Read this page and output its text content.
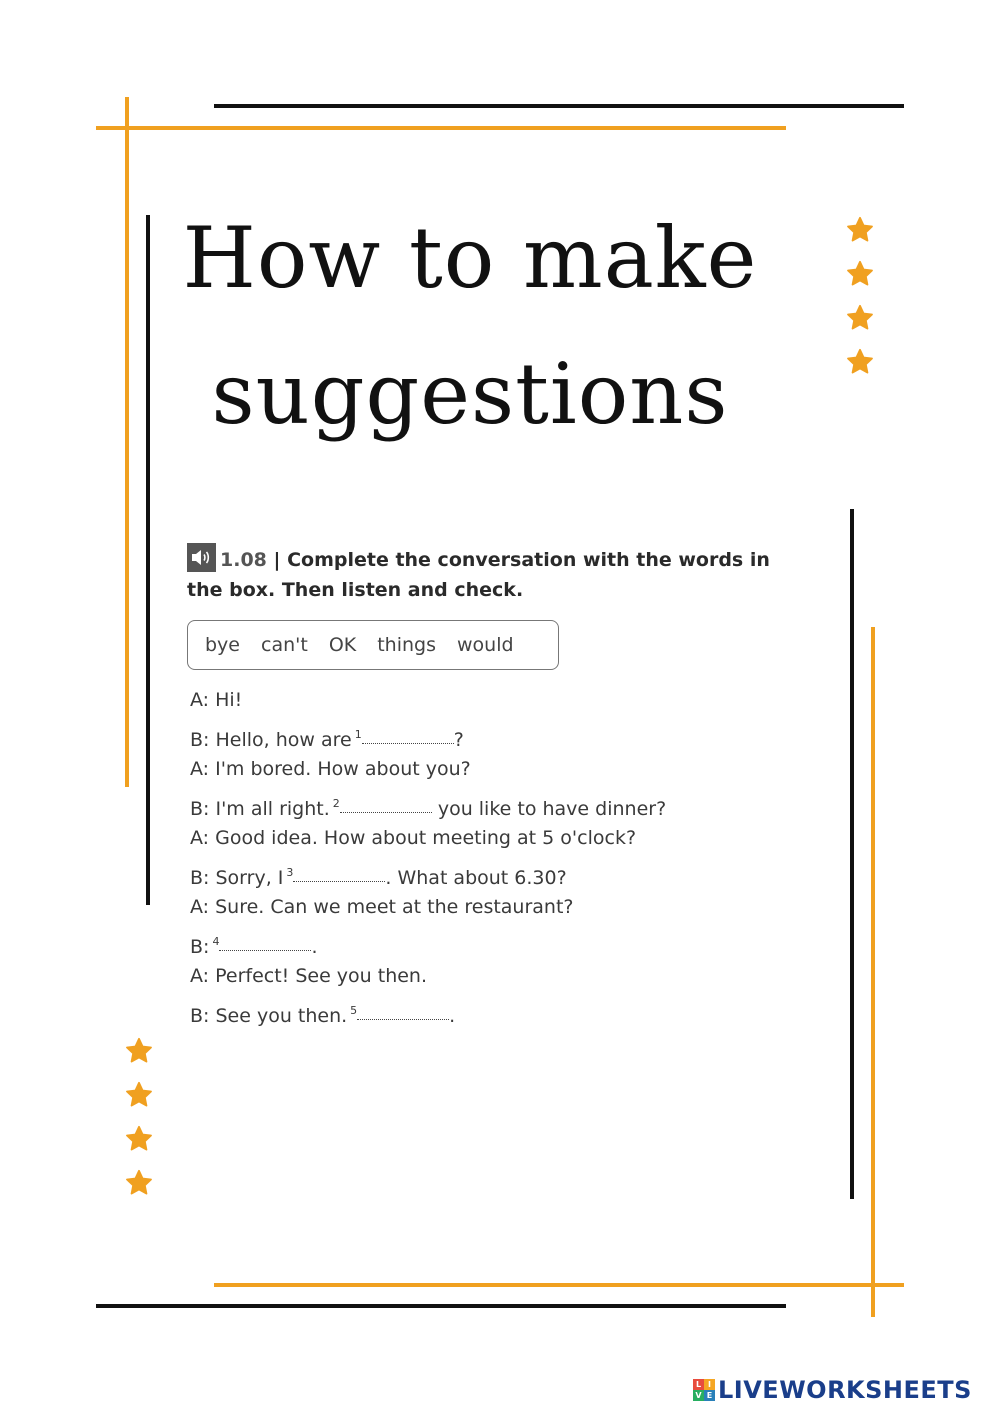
How to make
suggestions
1.08 | Complete the conversation with the words in the box. Then listen and check.
bye can't OK things would
A: Hi!
B: Hello, how are $^1$	?
A: I'm bored. How about you?
B: I'm all right. $^2$	you like to have dinner?
A: Good idea. How about meeting at 5 o'clock?
B: Sorry, I $^3$	. What about 6.30?
A: Sure. Can we meet at the restaurant?
B: $^4$	.
A: Perfect! See you then.
B: See you then. $^5$	.
L I
V E LIVEWORKSHEETS
